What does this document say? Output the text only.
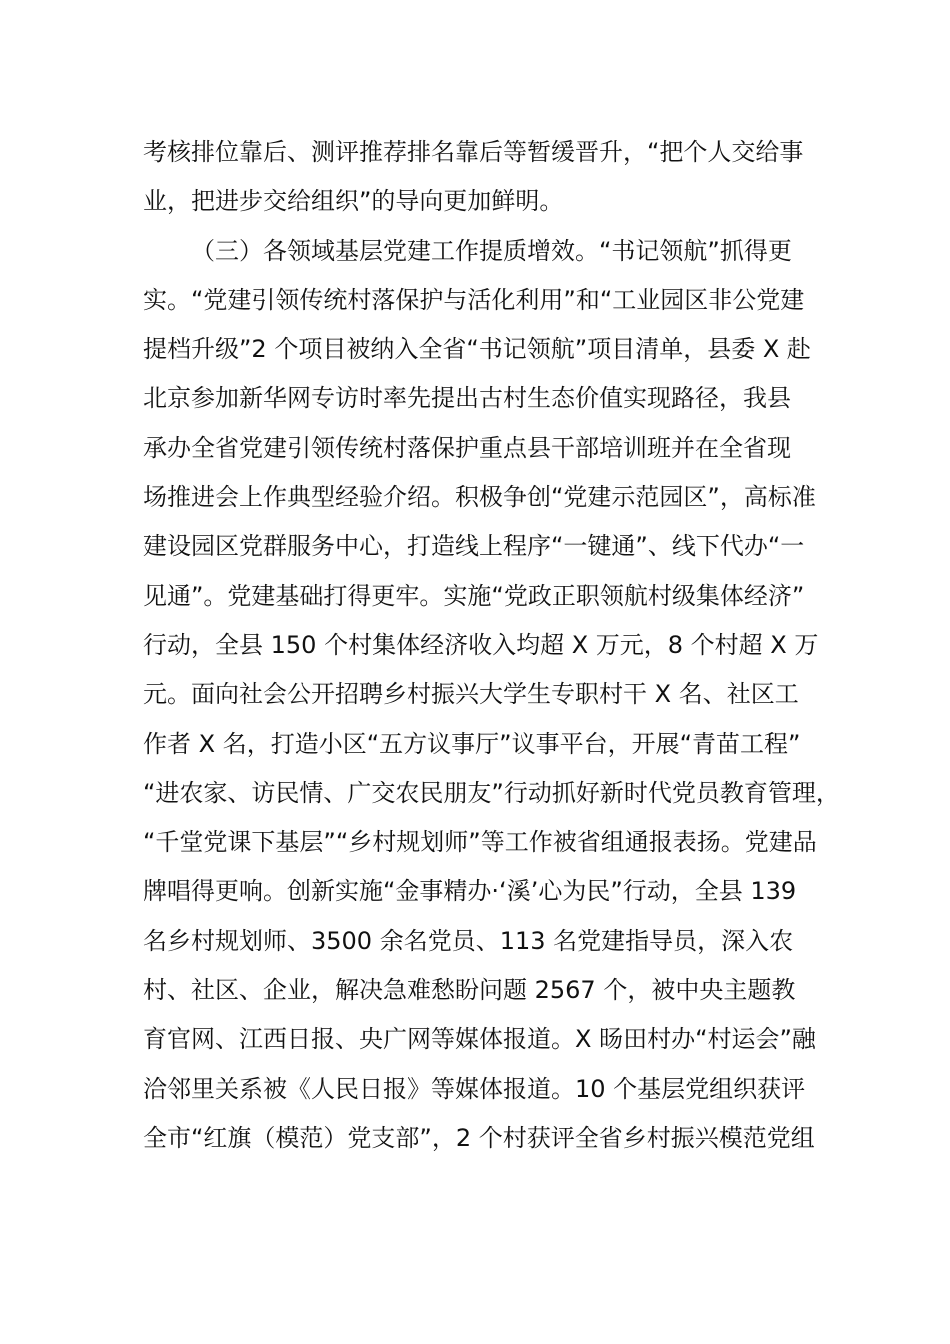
考核排位靠后、测评推荐排名靠后等暂缓晋升，“把个人交给事
业，把进步交给组织”的导向更加鲜明。
（三）各领域基层党建工作提质增效。“书记领航”抓得更
实。“党建引领传统村落保护与活化利用”和“工业园区非公党建
提档升级”2 个项目被纳入全省“书记领航”项目清单，县委 X 赴
北京参加新华网专访时率先提出古村生态价值实现路径，我县
承办全省党建引领传统村落保护重点县干部培训班并在全省现
场推进会上作典型经验介绍。积极争创“党建示范园区”，高标准
建设园区党群服务中心，打造线上程序“一键通”、线下代办“一
见通”。党建基础打得更牢。实施“党政正职领航村级集体经济”
行动，全县 150 个村集体经济收入均超 X 万元，8 个村超 X 万
元。面向社会公开招聘乡村振兴大学生专职村干 X 名、社区工
作者 X 名，打造小区“五方议事厅”议事平台，开展“青苗工程”
“进农家、访民情、广交农民朋友”行动抓好新时代党员教育管理，
“千堂党课下基层”“乡村规划师”等工作被省组通报表扬。党建品
牌唱得更响。创新实施“金事精办·‘溪’心为民”行动，全县 139
名乡村规划师、3500 余名党员、113 名党建指导员，深入农
村、社区、企业，解决急难愁盼问题 2567 个，被中央主题教
育官网、江西日报、央广网等媒体报道。X 旸田村办“村运会”融
洽邻里关系被《人民日报》等媒体报道。10 个基层党组织获评
全市“红旗（模范）党支部”，2 个村获评全省乡村振兴模范党组
